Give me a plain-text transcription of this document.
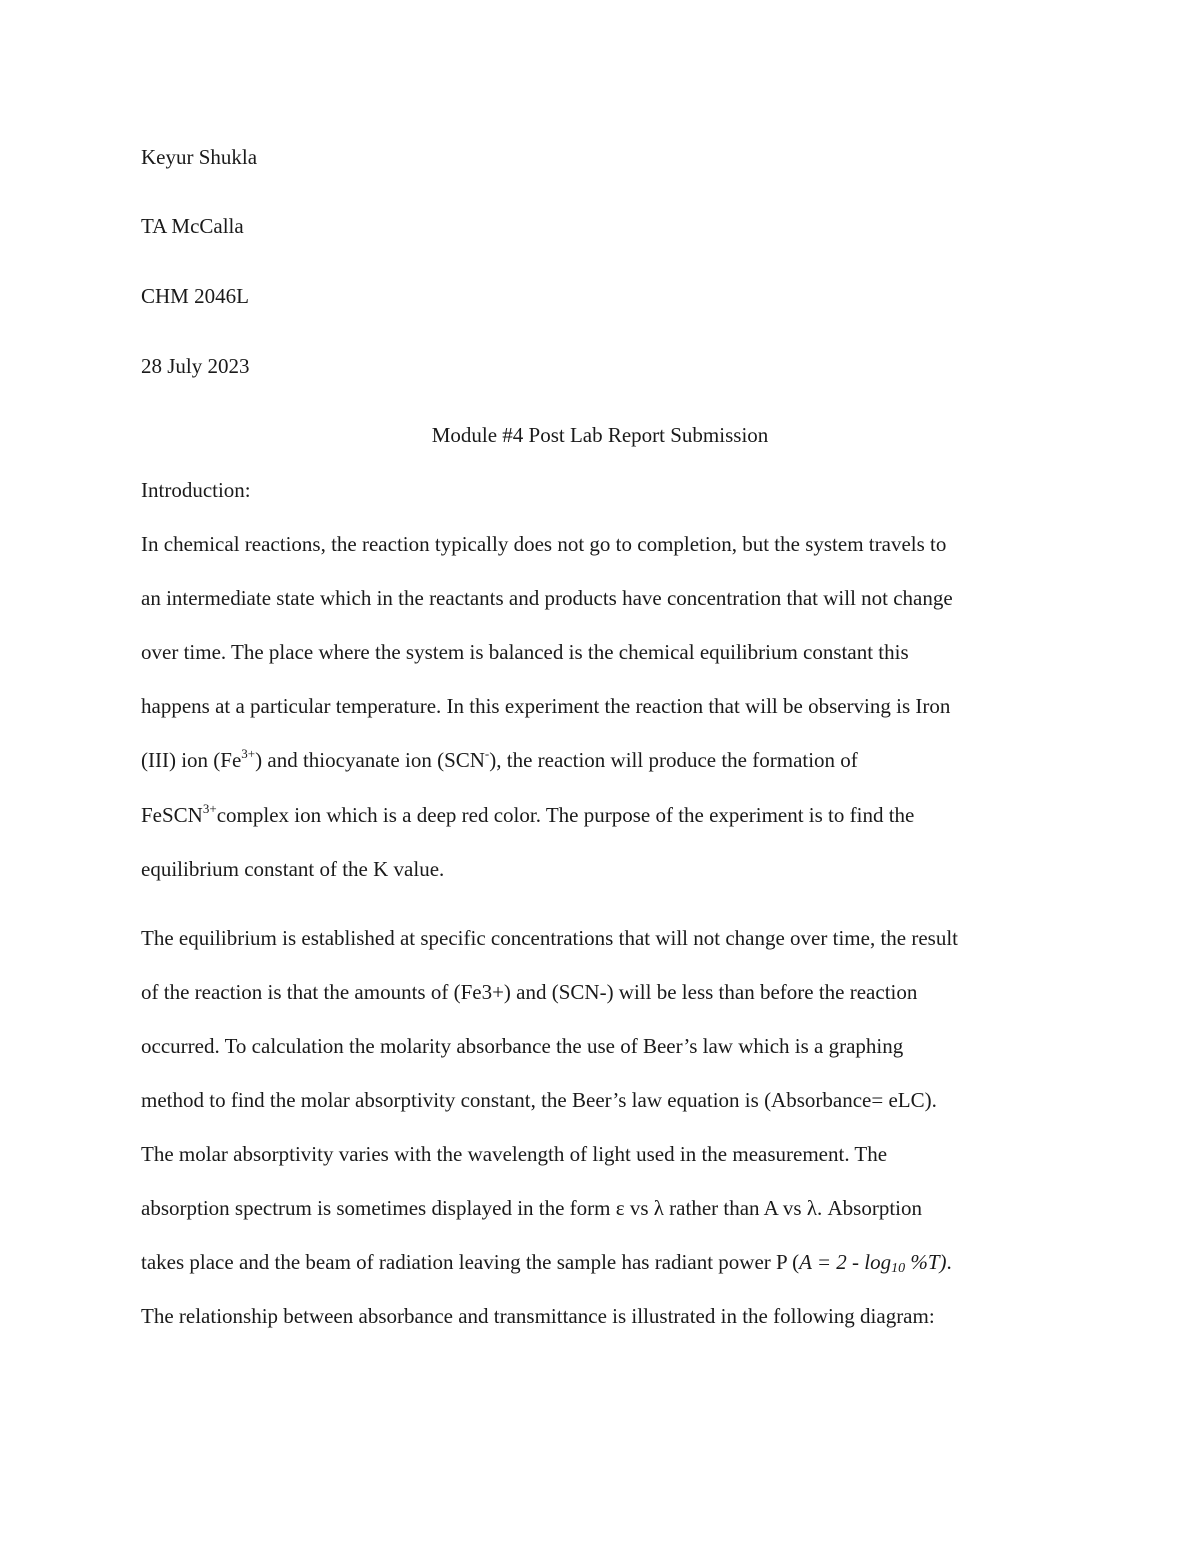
Keyur Shukla
TA McCalla
CHM 2046L
28 July 2023
Module #4 Post Lab Report Submission
Introduction:
In chemical reactions, the reaction typically does not go to completion, but the system travels to
an intermediate state which in the reactants and products have concentration that will not change
over time. The place where the system is balanced is the chemical equilibrium constant this
happens at a particular temperature. In this experiment the reaction that will be observing is Iron
(III) ion $(Fe^{3+})$ and thiocyanate ion (SCN-), the reaction will produce the formation of
FeSCN$^{3+}$complex ion which is a deep red color. The purpose of the experiment is to find the
equilibrium constant of the K value.
The equilibrium is established at specific concentrations that will not change over time, the result
of the reaction is that the amounts of (Fe3+) and (SCN-) will be less than before the reaction
occurred. To calculation the molarity absorbance the use of Beer’s law which is a graphing
method to find the molar absorptivity constant, the Beer’s law equation is (Absorbance= eLC).
The molar absorptivity varies with the wavelength of light used in the measurement. The
absorption spectrum is sometimes displayed in the form ε vs λ rather than A vs λ. Absorption
takes place and the beam of radiation leaving the sample has radiant power P $(A = 2 - \log_{10} \%T)$.
The relationship between absorbance and transmittance is illustrated in the following diagram:
